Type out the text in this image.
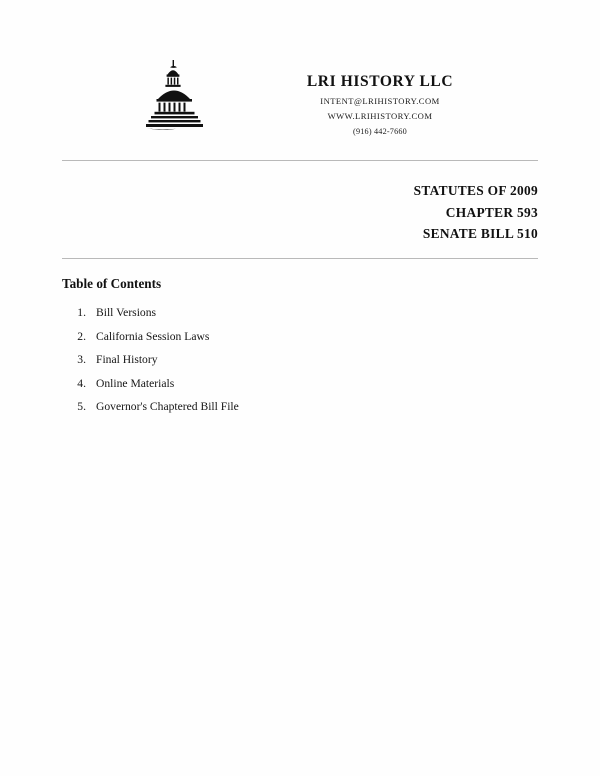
LRI HISTORY LLC
INTENT@LRIHISTORY.COM
WWW.LRIHISTORY.COM
(916) 442-7660
STATUTES OF 2009
CHAPTER 593
SENATE BILL 510
Table of Contents
1. Bill Versions
2. California Session Laws
3. Final History
4. Online Materials
5. Governor's Chaptered Bill File
